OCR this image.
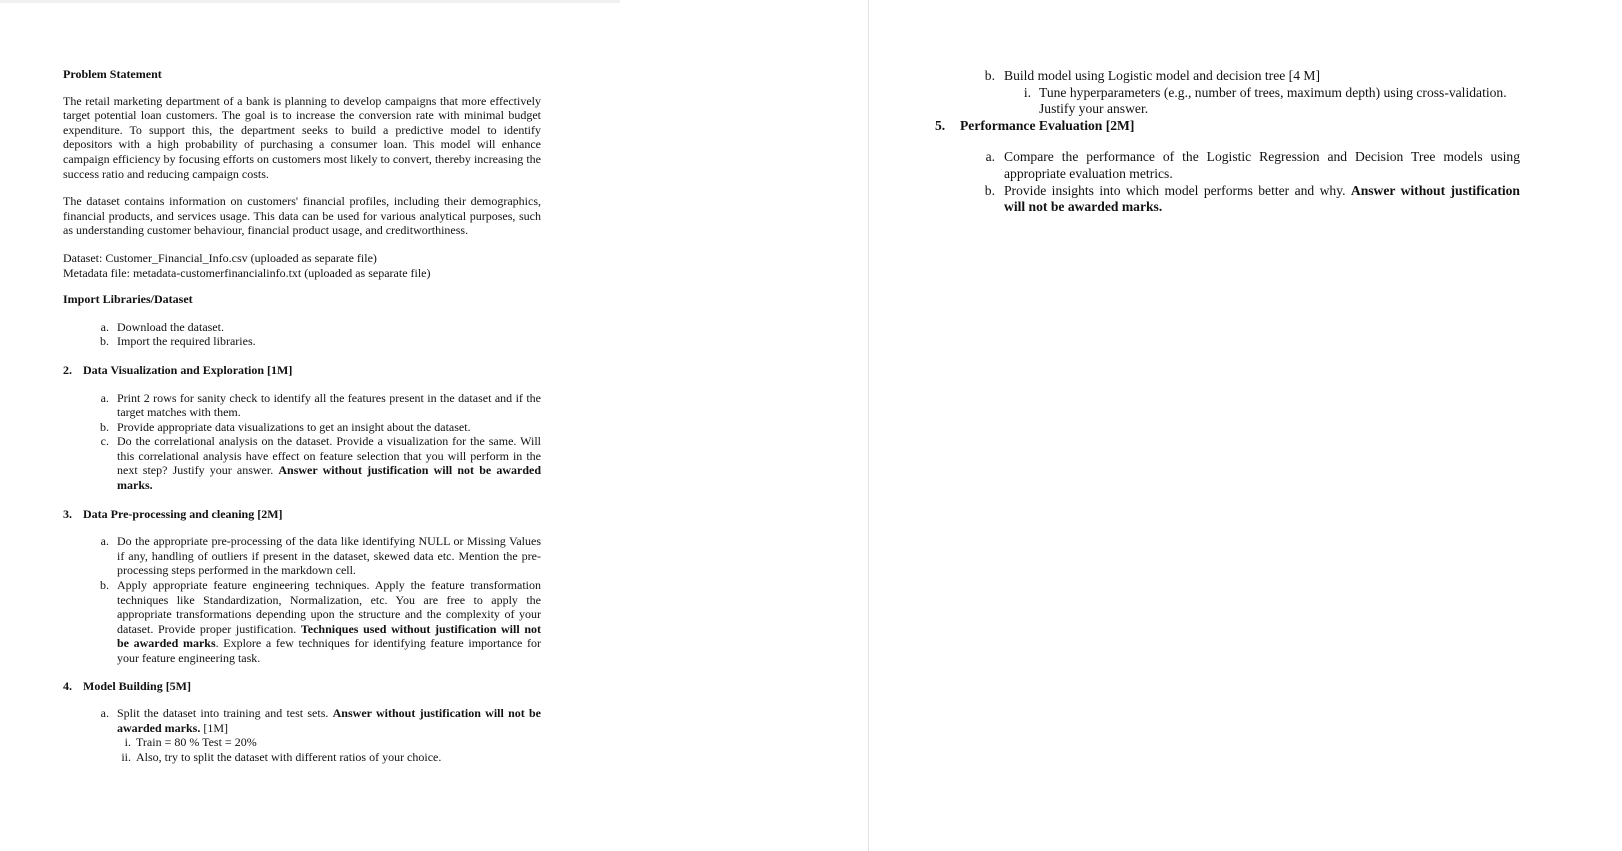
Problem Statement

The retail marketing department of a bank is planning to develop campaigns that more effectively target potential loan customers. The goal is to increase the conversion rate with minimal budget expenditure. To support this, the department seeks to build a predictive model to identify depositors with a high probability of purchasing a consumer loan. This model will enhance campaign efficiency by focusing efforts on customers most likely to convert, thereby increasing the success ratio and reducing campaign costs.

The dataset contains information on customers' financial profiles, including their demographics, financial products, and services usage. This data can be used for various analytical purposes, such as understanding customer behaviour, financial product usage, and creditworthiness.

Dataset: Customer_Financial_Info.csv (uploaded as separate file)

Metadata file: metadata-customerfinancialinfo.txt (uploaded as separate file)

Import Libraries/Dataset

a. Download the dataset.
b. Import the required libraries.
2. Data Visualization and Exploration [1M]
a. Print 2 rows for sanity check to identify all the features present in the dataset and if the target matches with them.
b. Provide appropriate data visualizations to get an insight about the dataset.
c. Do the correlational analysis on the dataset. Provide a visualization for the same. Will this correlational analysis have effect on feature selection that you will perform in the next step? Justify your answer. Answer without justification will not be awarded marks.
3. Data Pre-processing and cleaning [2M]
a. Do the appropriate pre-processing of the data like identifying NULL or Missing Values if any, handling of outliers if present in the dataset, skewed data etc. Mention the pre-processing steps performed in the markdown cell.
b. Apply appropriate feature engineering techniques. Apply the feature transformation techniques like Standardization, Normalization, etc. You are free to apply the appropriate transformations depending upon the structure and the complexity of your dataset. Provide proper justification. Techniques used without justification will not be awarded marks. Explore a few techniques for identifying feature importance for your feature engineering task.
4. Model Building [5M]
a. Split the dataset into training and test sets. Answer without justification will not be awarded marks. [1M]
i. Train = 80 % Test = 20%
ii. Also, try to split the dataset with different ratios of your choice.
b. Build model using Logistic model and decision tree [4 M]
i. Tune hyperparameters (e.g., number of trees, maximum depth) using cross-validation. Justify your answer.
5.	Performance Evaluation [2M]
a. Compare the performance of the Logistic Regression and Decision Tree models using appropriate evaluation metrics.
b. Provide insights into which model performs better and why. Answer without justification will not be awarded marks.
